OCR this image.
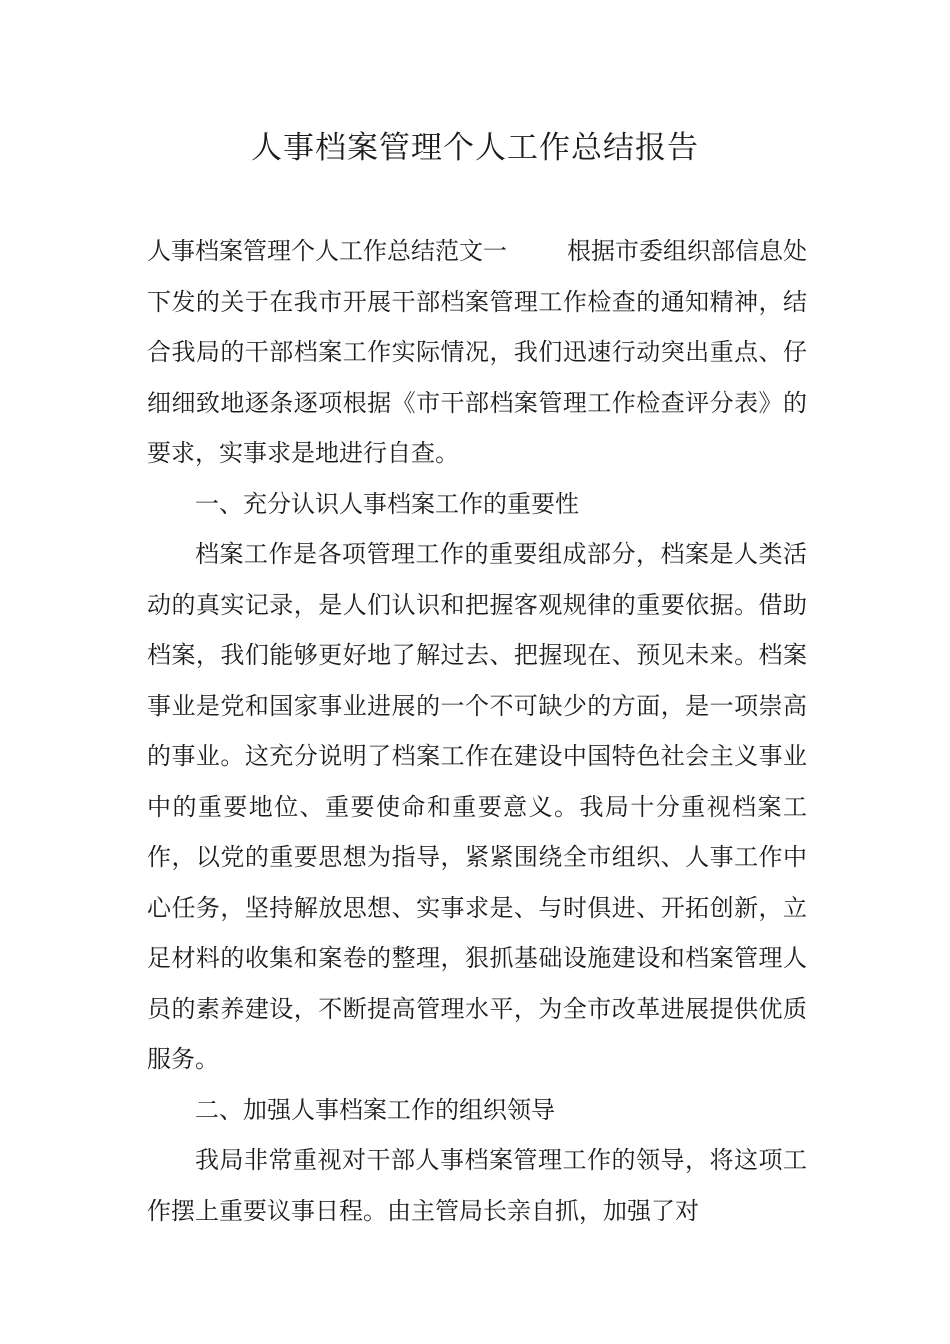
人事档案管理个人工作总结报告

人事档案管理个人工作总结范文一	根据市委组织部信息处下发的关于在我市开展干部档案管理工作检查的通知精神，结合我局的干部档案工作实际情况，我们迅速行动突出重点、仔细细致地逐条逐项根据《市干部档案管理工作检查评分表》的要求，实事求是地进行自查。

一、充分认识人事档案工作的重要性

档案工作是各项管理工作的重要组成部分，档案是人类活动的真实记录，是人们认识和把握客观规律的重要依据。借助档案，我们能够更好地了解过去、把握现在、预见未来。档案事业是党和国家事业进展的一个不可缺少的方面，是一项崇高的事业。这充分说明了档案工作在建设中国特色社会主义事业中的重要地位、重要使命和重要意义。我局十分重视档案工作，以党的重要思想为指导，紧紧围绕全市组织、人事工作中心任务，坚持解放思想、实事求是、与时俱进、开拓创新，立足材料的收集和案卷的整理，狠抓基础设施建设和档案管理人员的素养建设，不断提高管理水平，为全市改革进展提供优质服务。

二、加强人事档案工作的组织领导

我局非常重视对干部人事档案管理工作的领导，将这项工作摆上重要议事日程。由主管局长亲自抓，加强了对
